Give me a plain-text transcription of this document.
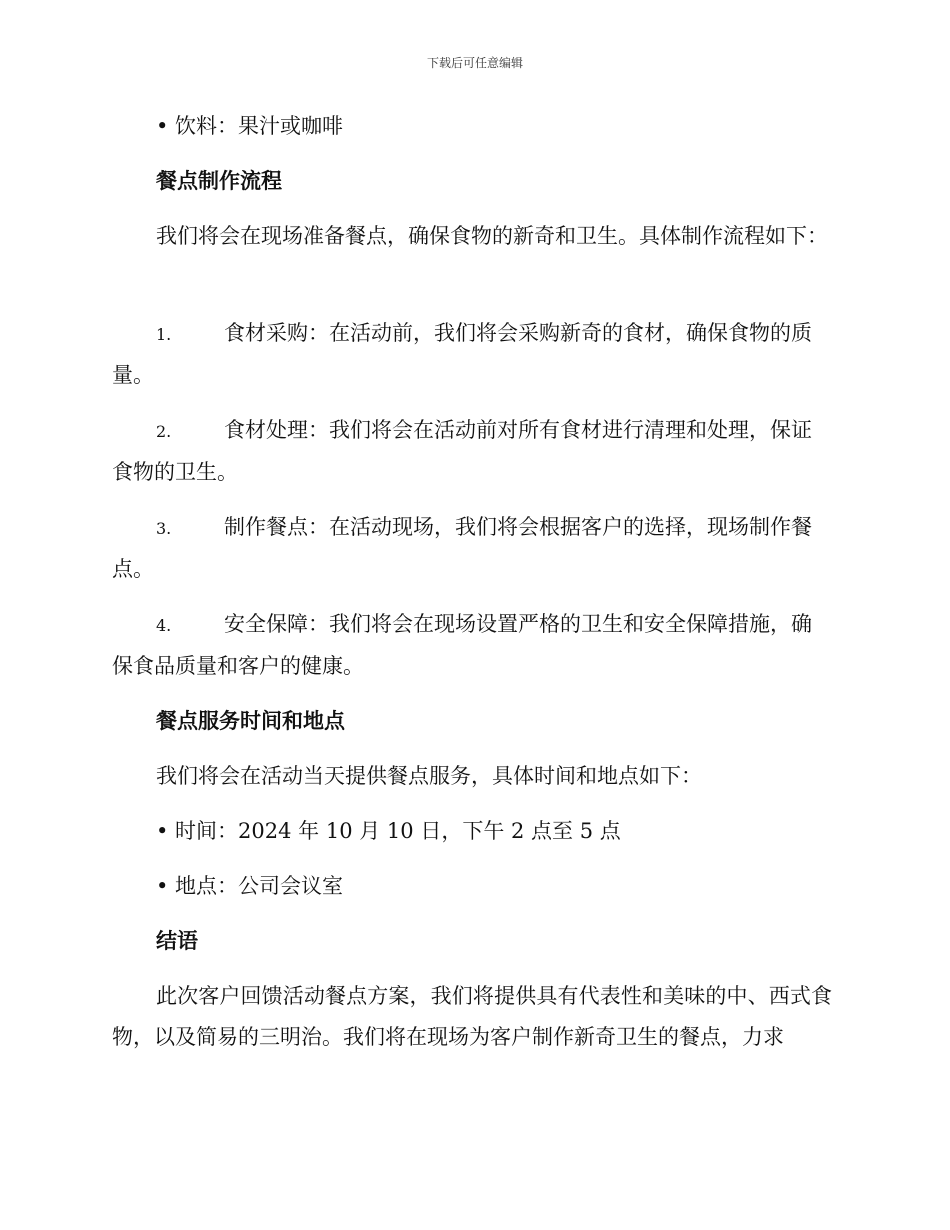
下载后可任意编辑

• 饮料：果汁或咖啡

餐点制作流程

我们将会在现场准备餐点，确保食物的新奇和卫生。具体制作流程如下：

1.	食材采购：在活动前，我们将会采购新奇的食材，确保食物的质量。

2.	食材处理：我们将会在活动前对所有食材进行清理和处理，保证食物的卫生。

3.	制作餐点：在活动现场，我们将会根据客户的选择，现场制作餐点。

4.	安全保障：我们将会在现场设置严格的卫生和安全保障措施，确保食品质量和客户的健康。

餐点服务时间和地点

我们将会在活动当天提供餐点服务，具体时间和地点如下：

• 时间：2024 年 10 月 10 日，下午 2 点至 5 点

• 地点：公司会议室

结语

此次客户回馈活动餐点方案，我们将提供具有代表性和美味的中、西式食物，以及简易的三明治。我们将在现场为客户制作新奇卫生的餐点，力求
